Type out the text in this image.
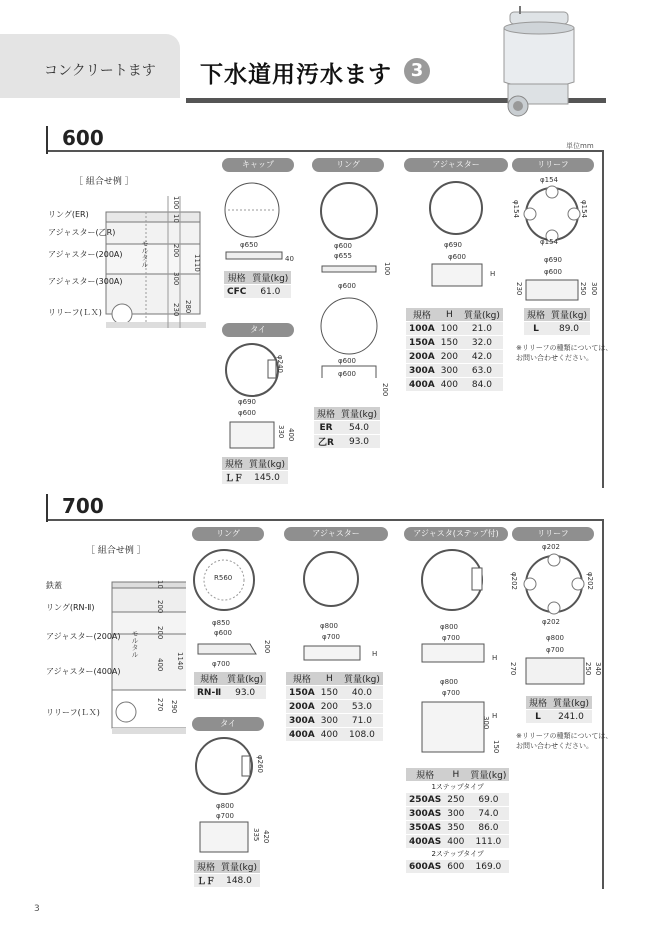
コンクリートます 下水道用汚水ます	3
600	単位mm
［ 組合せ例 ］
リング(ER)
アジャスター(乙R)
アジャスター(200A)
アジャスター(300A)
リリーフ(ＬＸ)
モルタル
100
10
200
300
230
1110
280
キャップ
φ650
40
規格	質量(kg)
CFC	61.0
リング
φ600
φ655
100
φ600
φ600
φ600
200
規格	質量(kg)
ER	54.0
乙R	93.0
アジャスター
φ690
φ600
H
規格	H	質量(kg)
100A	100	21.0
150A	150	32.0
200A	200	42.0
300A	300	63.0
400A	400	84.0
リリーフ
φ154
φ154	φ154
φ154
φ690
φ600
230	300
250
規格	質量(kg)
L	89.0
※リリーフの種類については、
お問い合わせください。
タイ
φ240
φ690
φ600
330 400
規格	質量(kg)
ＬＦ	145.0
700
［ 組合せ例 ］
鉄蓋
リング(RN-Ⅱ)
アジャスター(200A)
アジャスター(400A)
リリーフ(ＬＸ)
モルタル
10
200
200
400 1140
270 290
リング
R560
φ850
φ600
200
φ700
規格	質量(kg)
RN-Ⅱ	93.0
アジャスター
φ800
φ700
H
規格	H	質量(kg)
150A	150	40.0
200A	200	53.0
300A	300	71.0
400A	400	108.0
アジャスタ(ステップ付)
φ800
φ700
H
φ800
φ700
H
300
150
規格	H	質量(kg)
1ステップタイプ		
250AS	250	69.0
300AS	300	74.0
350AS	350	86.0
400AS	400	111.0
2ステップタイプ		
600AS	600	169.0
リリーフ
φ202
φ202	φ202
φ202
φ800
φ700
270	250 340
規格	質量(kg)
L	241.0
※リリーフの種類については、
お問い合わせください。
タイ
φ260
φ800
φ700
335 420
規格	質量(kg)
ＬＦ	148.0
3
